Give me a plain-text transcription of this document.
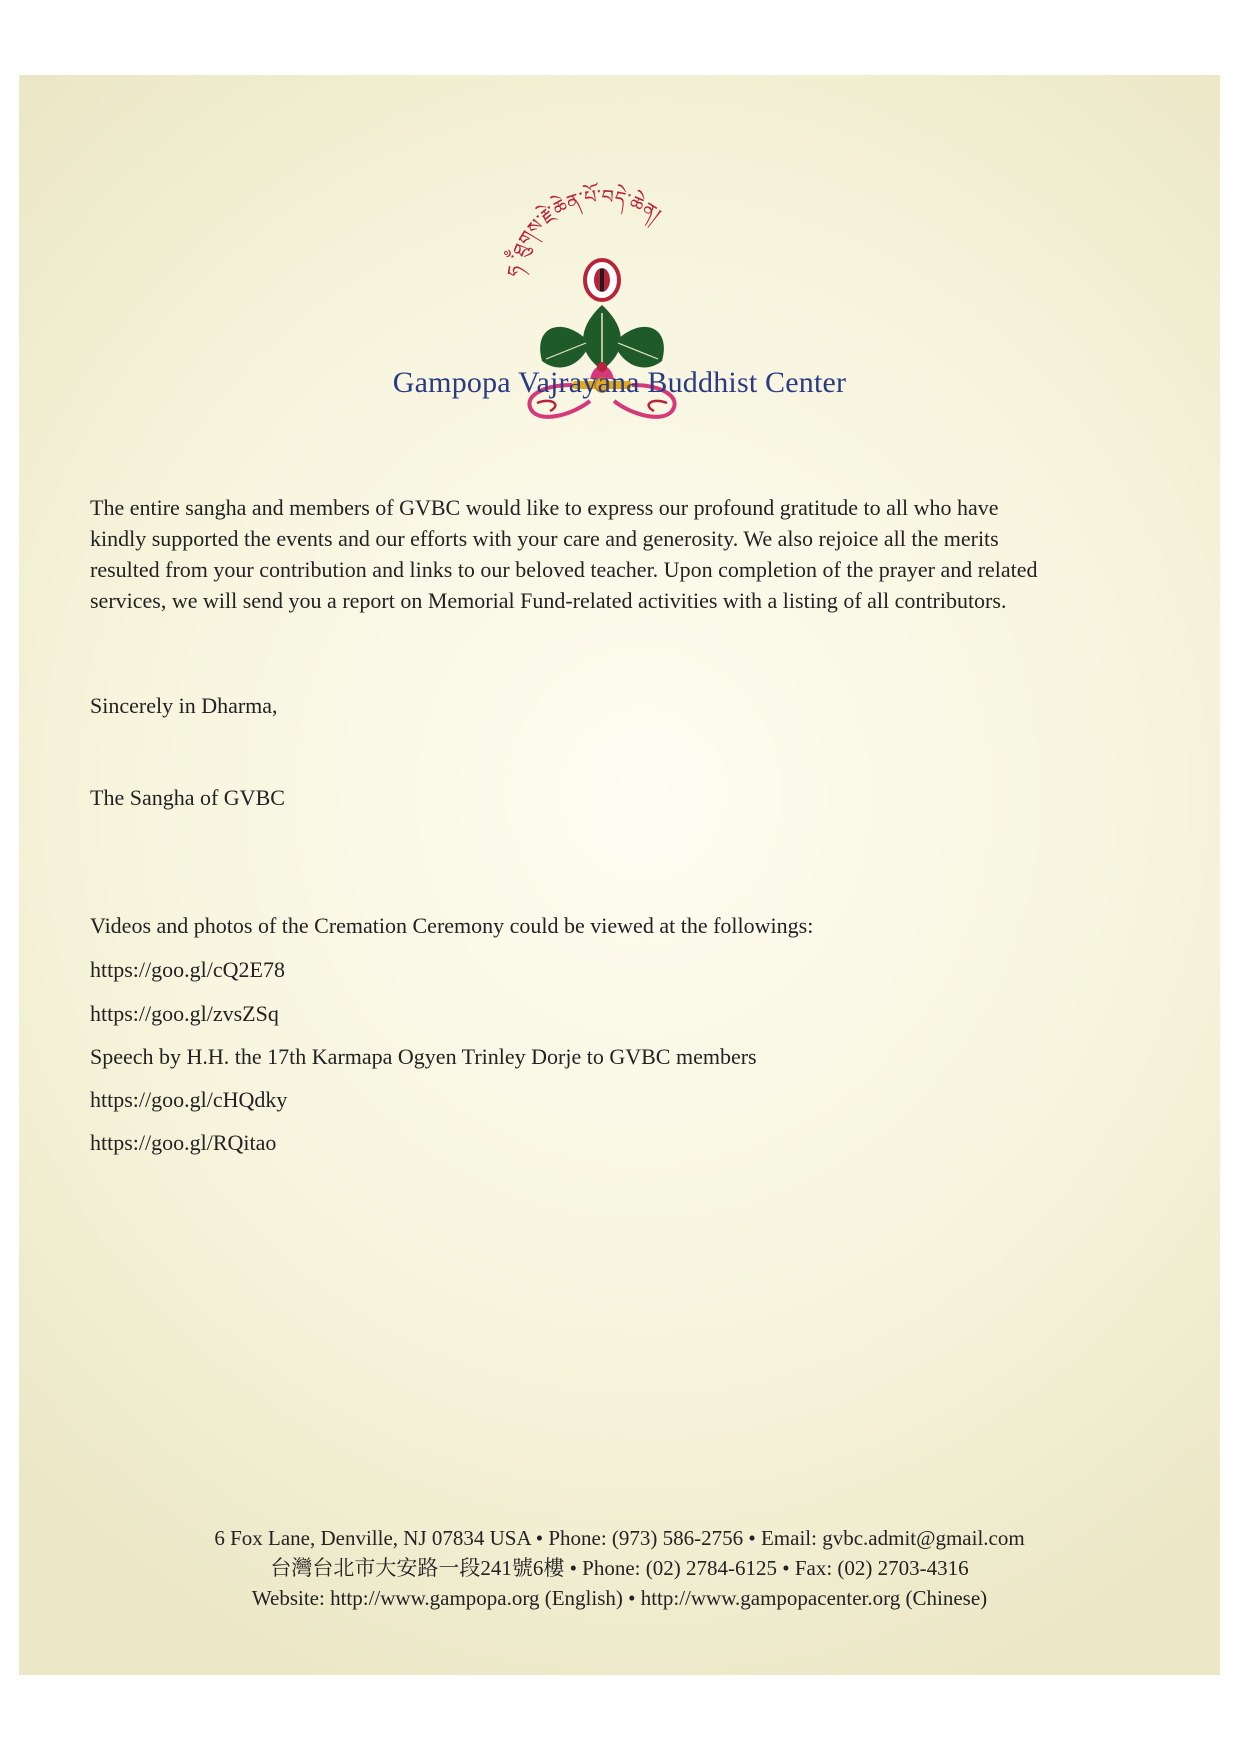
ཧ ྃ་ཐུགས་རྗེ་ཆེན་པོ་བདེ་ཆེན།
Gampopa Vajrayana Buddhist Center

The entire sangha and members of GVBC would like to express our profound gratitude to all who have kindly supported the events and our efforts with your care and generosity. We also rejoice all the merits resulted from your contribution and links to our beloved teacher. Upon completion of the prayer and related services, we will send you a report on Memorial Fund-related activities with a listing of all contributors.

Sincerely in Dharma,
The Sangha of GVBC
Videos and photos of the Cremation Ceremony could be viewed at the followings:
https://goo.gl/cQ2E78
https://goo.gl/zvsZSq
Speech by H.H. the 17th Karmapa Ogyen Trinley Dorje to GVBC members
https://goo.gl/cHQdky
https://goo.gl/RQitao
6 Fox Lane, Denville, NJ 07834 USA • Phone: (973) 586-2756 • Email: gvbc.admit@gmail.com
台灣台北市大安路一段241號6樓 • Phone: (02) 2784-6125 • Fax: (02) 2703-4316
Website: http://www.gampopa.org (English) • http://www.gampopacenter.org (Chinese)
